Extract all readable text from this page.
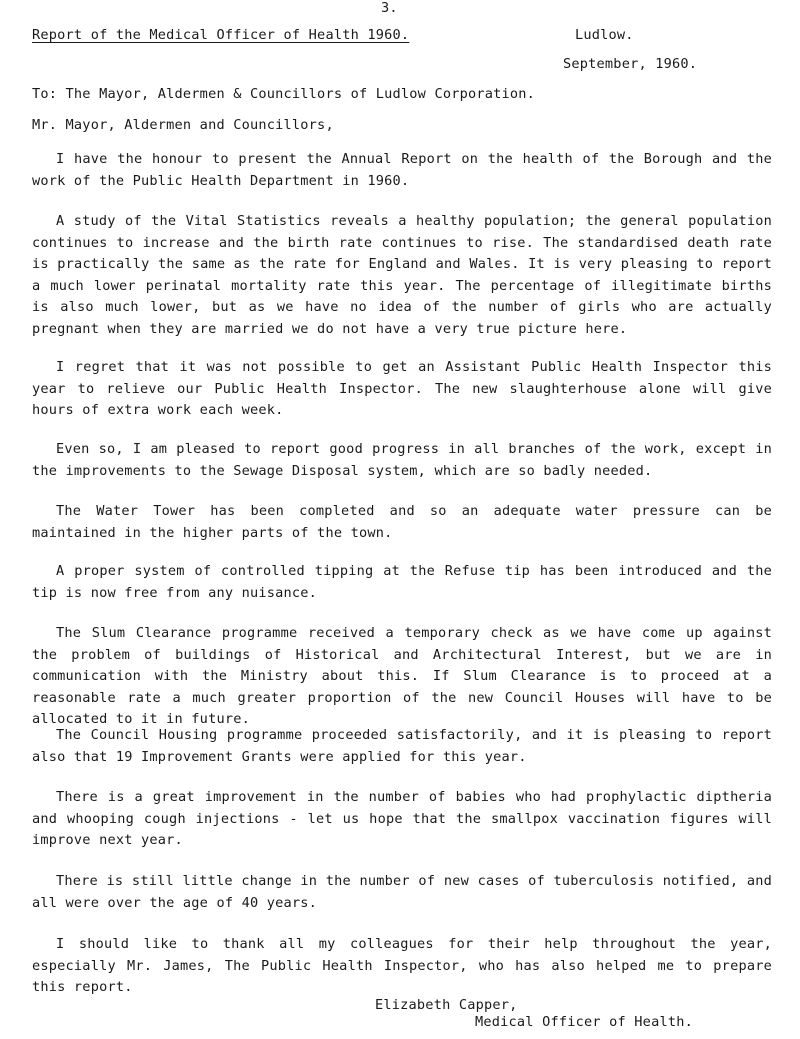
3.
Report of the Medical Officer of Health 1960.	Ludlow.
September, 1960.
To: The Mayor, Aldermen & Councillors of Ludlow Corporation.
Mr. Mayor, Aldermen and Councillors,
I have the honour to present the Annual Report on the health of the Borough and the work of the Public Health Department in 1960.
A study of the Vital Statistics reveals a healthy population; the general population continues to increase and the birth rate continues to rise. The standardised death rate is practically the same as the rate for England and Wales. It is very pleasing to report a much lower perinatal mortality rate this year. The percentage of illegitimate births is also much lower, but as we have no idea of the number of girls who are actually pregnant when they are married we do not have a very true picture here.
I regret that it was not possible to get an Assistant Public Health Inspector this year to relieve our Public Health Inspector. The new slaughterhouse alone will give hours of extra work each week.
Even so, I am pleased to report good progress in all branches of the work, except in the improvements to the Sewage Disposal system, which are so badly needed.
The Water Tower has been completed and so an adequate water pressure can be maintained in the higher parts of the town.
A proper system of controlled tipping at the Refuse tip has been introduced and the tip is now free from any nuisance.
The Slum Clearance programme received a temporary check as we have come up against the problem of buildings of Historical and Architectural Interest, but we are in communication with the Ministry about this. If Slum Clearance is to proceed at a reasonable rate a much greater proportion of the new Council Houses will have to be allocated to it in future.
The Council Housing programme proceeded satisfactorily, and it is pleasing to report also that 19 Improvement Grants were applied for this year.
There is a great improvement in the number of babies who had prophylactic diptheria and whooping cough injections - let us hope that the smallpox vaccination figures will improve next year.
There is still little change in the number of new cases of tuberculosis notified, and all were over the age of 40 years.
I should like to thank all my colleagues for their help throughout the year, especially Mr. James, The Public Health Inspector, who has also helped me to prepare this report.
Elizabeth Capper,
Medical Officer of Health.
